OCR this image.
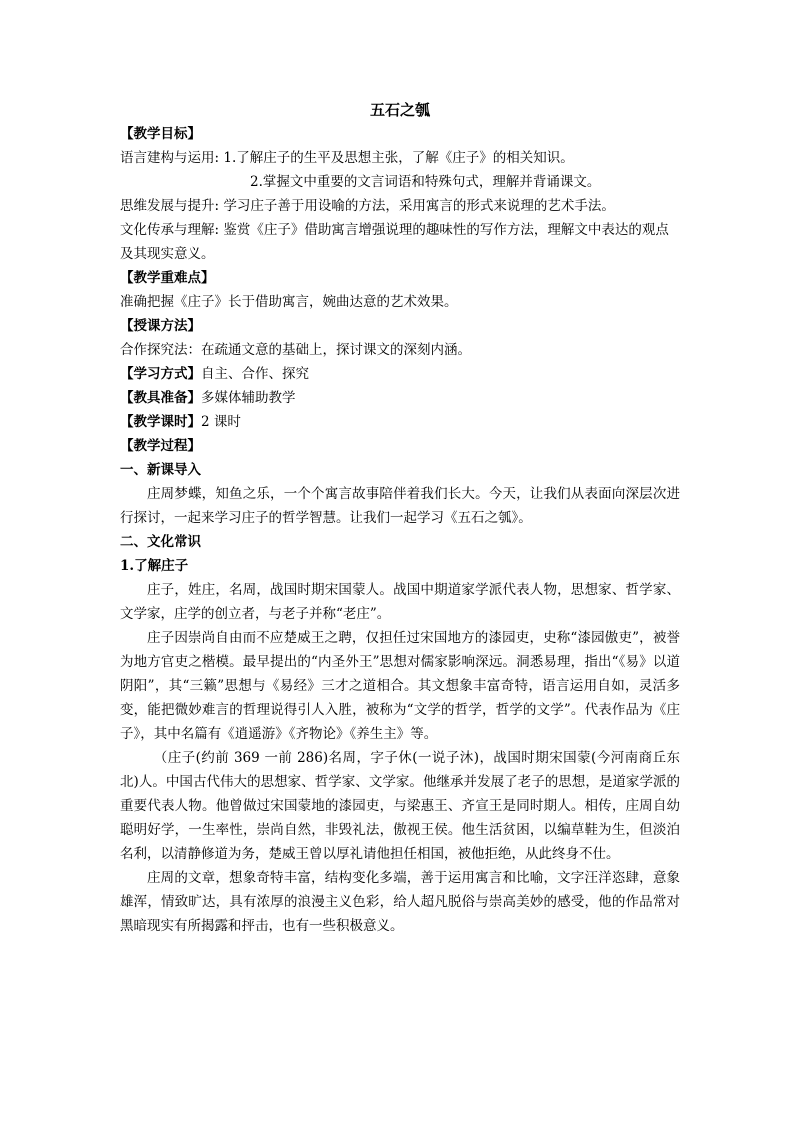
五石之瓠

【教学目标】

语言建构与运用: 1.了解庄子的生平及思想主张，了解《庄子》的相关知识。

2.掌握文中重要的文言词语和特殊句式，理解并背诵课文。

思维发展与提升: 学习庄子善于用设喻的方法，采用寓言的形式来说理的艺术手法。

文化传承与理解: 鉴赏《庄子》借助寓言增强说理的趣味性的写作方法，理解文中表达的观点及其现实意义。

【教学重难点】

准确把握《庄子》长于借助寓言，婉曲达意的艺术效果。

【授课方法】

合作探究法：在疏通文意的基础上，探讨课文的深刻内涵。

【学习方式】自主、合作、探究

【教具准备】多媒体辅助教学

【教学课时】2 课时

【教学过程】

一、新课导入

庄周梦蝶，知鱼之乐，一个个寓言故事陪伴着我们长大。今天，让我们从表面向深层次进行探讨，一起来学习庄子的哲学智慧。让我们一起学习《五石之瓠》。

二、文化常识

1.了解庄子

庄子，姓庄，名周，战国时期宋国蒙人。战国中期道家学派代表人物，思想家、哲学家、文学家，庄学的创立者，与老子并称“老庄”。

庄子因崇尚自由而不应楚威王之聘，仅担任过宋国地方的漆园吏，史称“漆园傲吏”，被誉为地方官吏之楷模。最早提出的“内圣外王”思想对儒家影响深远。洞悉易理，指出“《易》以道阴阳”，其“三籁”思想与《易经》三才之道相合。其文想象丰富奇特，语言运用自如，灵活多变，能把微妙难言的哲理说得引人入胜，被称为“文学的哲学，哲学的文学”。代表作品为《庄子》，其中名篇有《逍遥游》《齐物论》《养生主》等。

（庄子(约前 369 一前 286)名周，字子休(一说子沐)，战国时期宋国蒙(今河南商丘东北)人。中国古代伟大的思想家、哲学家、文学家。他继承并发展了老子的思想，是道家学派的重要代表人物。他曾做过宋国蒙地的漆园吏，与梁惠王、齐宣王是同时期人。相传，庄周自幼聪明好学，一生率性，崇尚自然，非毁礼法，傲视王侯。他生活贫困，以编草鞋为生，但淡泊名利，以清静修道为务，楚威王曾以厚礼请他担任相国，被他拒绝，从此终身不仕。

庄周的文章，想象奇特丰富，结构变化多端，善于运用寓言和比喻，文字汪洋恣肆，意象雄浑，情致旷达，具有浓厚的浪漫主义色彩，给人超凡脱俗与崇高美妙的感受，他的作品常对黑暗现实有所揭露和抨击，也有一些积极意义。
